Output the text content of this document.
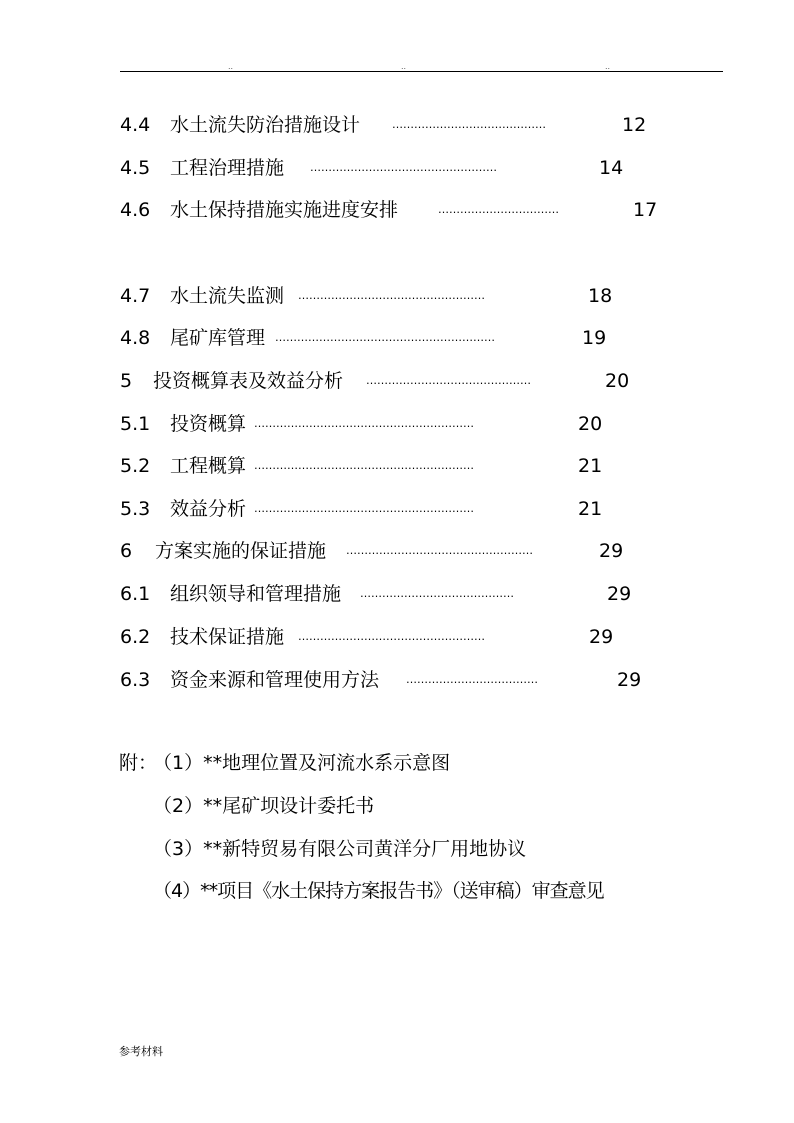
..	..	..
4.4 水土流失防治措施设计	……………………………………	12
4.5 工程治理措施 ……………………………………………	14
4.6 水土保持措施实施进度安排	……………………………	17
4.7 水土流失监测 ……………………………………………	18
4.8 尾矿库管理 ……………………………………………………	19
5 投资概算表及效益分析 ………………………………………	20
5.1 投资概算 ……………………………………………………	20
5.2 工程概算 ……………………………………………………	21
5.3 效益分析 ……………………………………………………	21
6 方案实施的保证措施 ……………………………………………	29
6.1 组织领导和管理措施 ……………………………………	29
6.2 技术保证措施 ……………………………………………	29
6.3 资金来源和管理使用方法 ………………………………	29
附：
（1）**地理位置及河流水系示意图
（2）**尾矿坝设计委托书
（3）**新特贸易有限公司黄洋分厂用地协议
（4）**项目《水土保持方案报告书》（送审稿）审查意见
参考材料
